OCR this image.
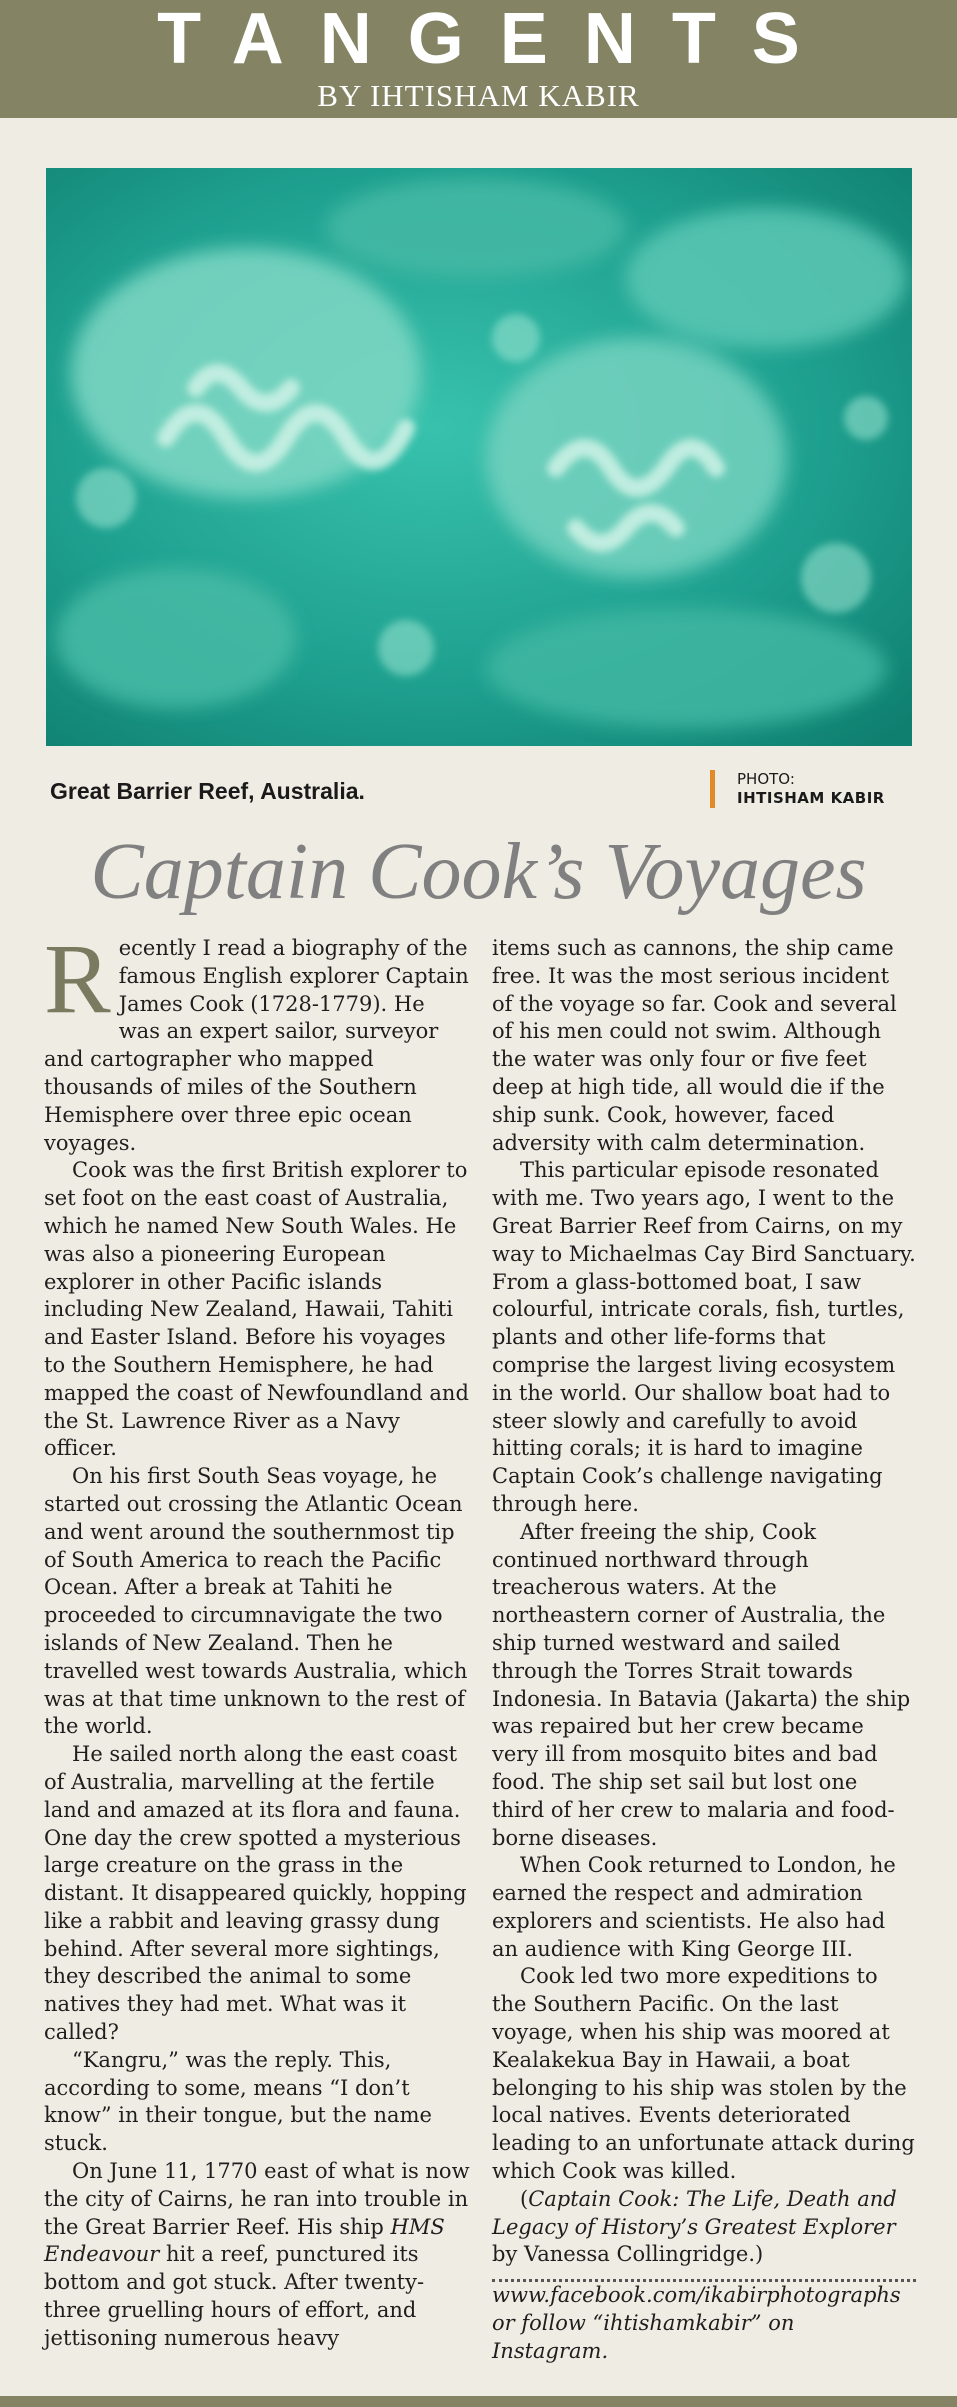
TANGENTS
BY IHTISHAM KABIR
Great Barrier Reef, Australia.	PHOTO:
IHTISHAM KABIR
Captain Cook’s Voyages

Recently I read a biography of the famous English explorer Captain James Cook (1728-1779). He was an expert sailor, surveyor and cartographer who mapped thousands of miles of the Southern Hemisphere over three epic ocean voyages.

Cook was the first British explorer to set foot on the east coast of Australia, which he named New South Wales. He was also a pioneering European explorer in other Pacific islands including New Zealand, Hawaii, Tahiti and Easter Island. Before his voyages to the Southern Hemisphere, he had mapped the coast of Newfoundland and the St. Lawrence River as a Navy officer.

On his first South Seas voyage, he started out crossing the Atlantic Ocean and went around the southernmost tip of South America to reach the Pacific Ocean. After a break at Tahiti he proceeded to circumnavigate the two islands of New Zealand. Then he travelled west towards Australia, which was at that time unknown to the rest of the world.

He sailed north along the east coast of Australia, marvelling at the fertile land and amazed at its flora and fauna. One day the crew spotted a mysterious large creature on the grass in the distant. It disappeared quickly, hopping like a rabbit and leaving grassy dung behind. After several more sightings, they described the animal to some natives they had met. What was it called?

“Kangru,” was the reply. This, according to some, means “I don’t know” in their tongue, but the name stuck.

On June 11, 1770 east of what is now the city of Cairns, he ran into trouble in the Great Barrier Reef. His ship HMS Endeavour hit a reef, punctured its bottom and got stuck. After twenty-three gruelling hours of effort, and jettisoning numerous heavy

items such as cannons, the ship came free. It was the most serious incident of the voyage so far. Cook and several of his men could not swim. Although the water was only four or five feet deep at high tide, all would die if the ship sunk. Cook, however, faced adversity with calm determination.

This particular episode resonated with me. Two years ago, I went to the Great Barrier Reef from Cairns, on my way to Michaelmas Cay Bird Sanctuary. From a glass-bottomed boat, I saw colourful, intricate corals, fish, turtles, plants and other life-forms that comprise the largest living ecosystem in the world. Our shallow boat had to steer slowly and carefully to avoid hitting corals; it is hard to imagine Captain Cook’s challenge navigating through here.

After freeing the ship, Cook continued northward through treacherous waters. At the northeastern corner of Australia, the ship turned westward and sailed through the Torres Strait towards Indonesia. In Batavia (Jakarta) the ship was repaired but her crew became very ill from mosquito bites and bad food. The ship set sail but lost one third of her crew to malaria and food-borne diseases.

When Cook returned to London, he earned the respect and admiration explorers and scientists. He also had an audience with King George III.

Cook led two more expeditions to the Southern Pacific. On the last voyage, when his ship was moored at Kealakekua Bay in Hawaii, a boat belonging to his ship was stolen by the local natives. Events deteriorated leading to an unfortunate attack during which Cook was killed.

(Captain Cook: The Life, Death and Legacy of History’s Greatest Explorer by Vanessa Collingridge.)

www.facebook.com/ikabirphotographs or follow “ihtishamkabir” on Instagram.
